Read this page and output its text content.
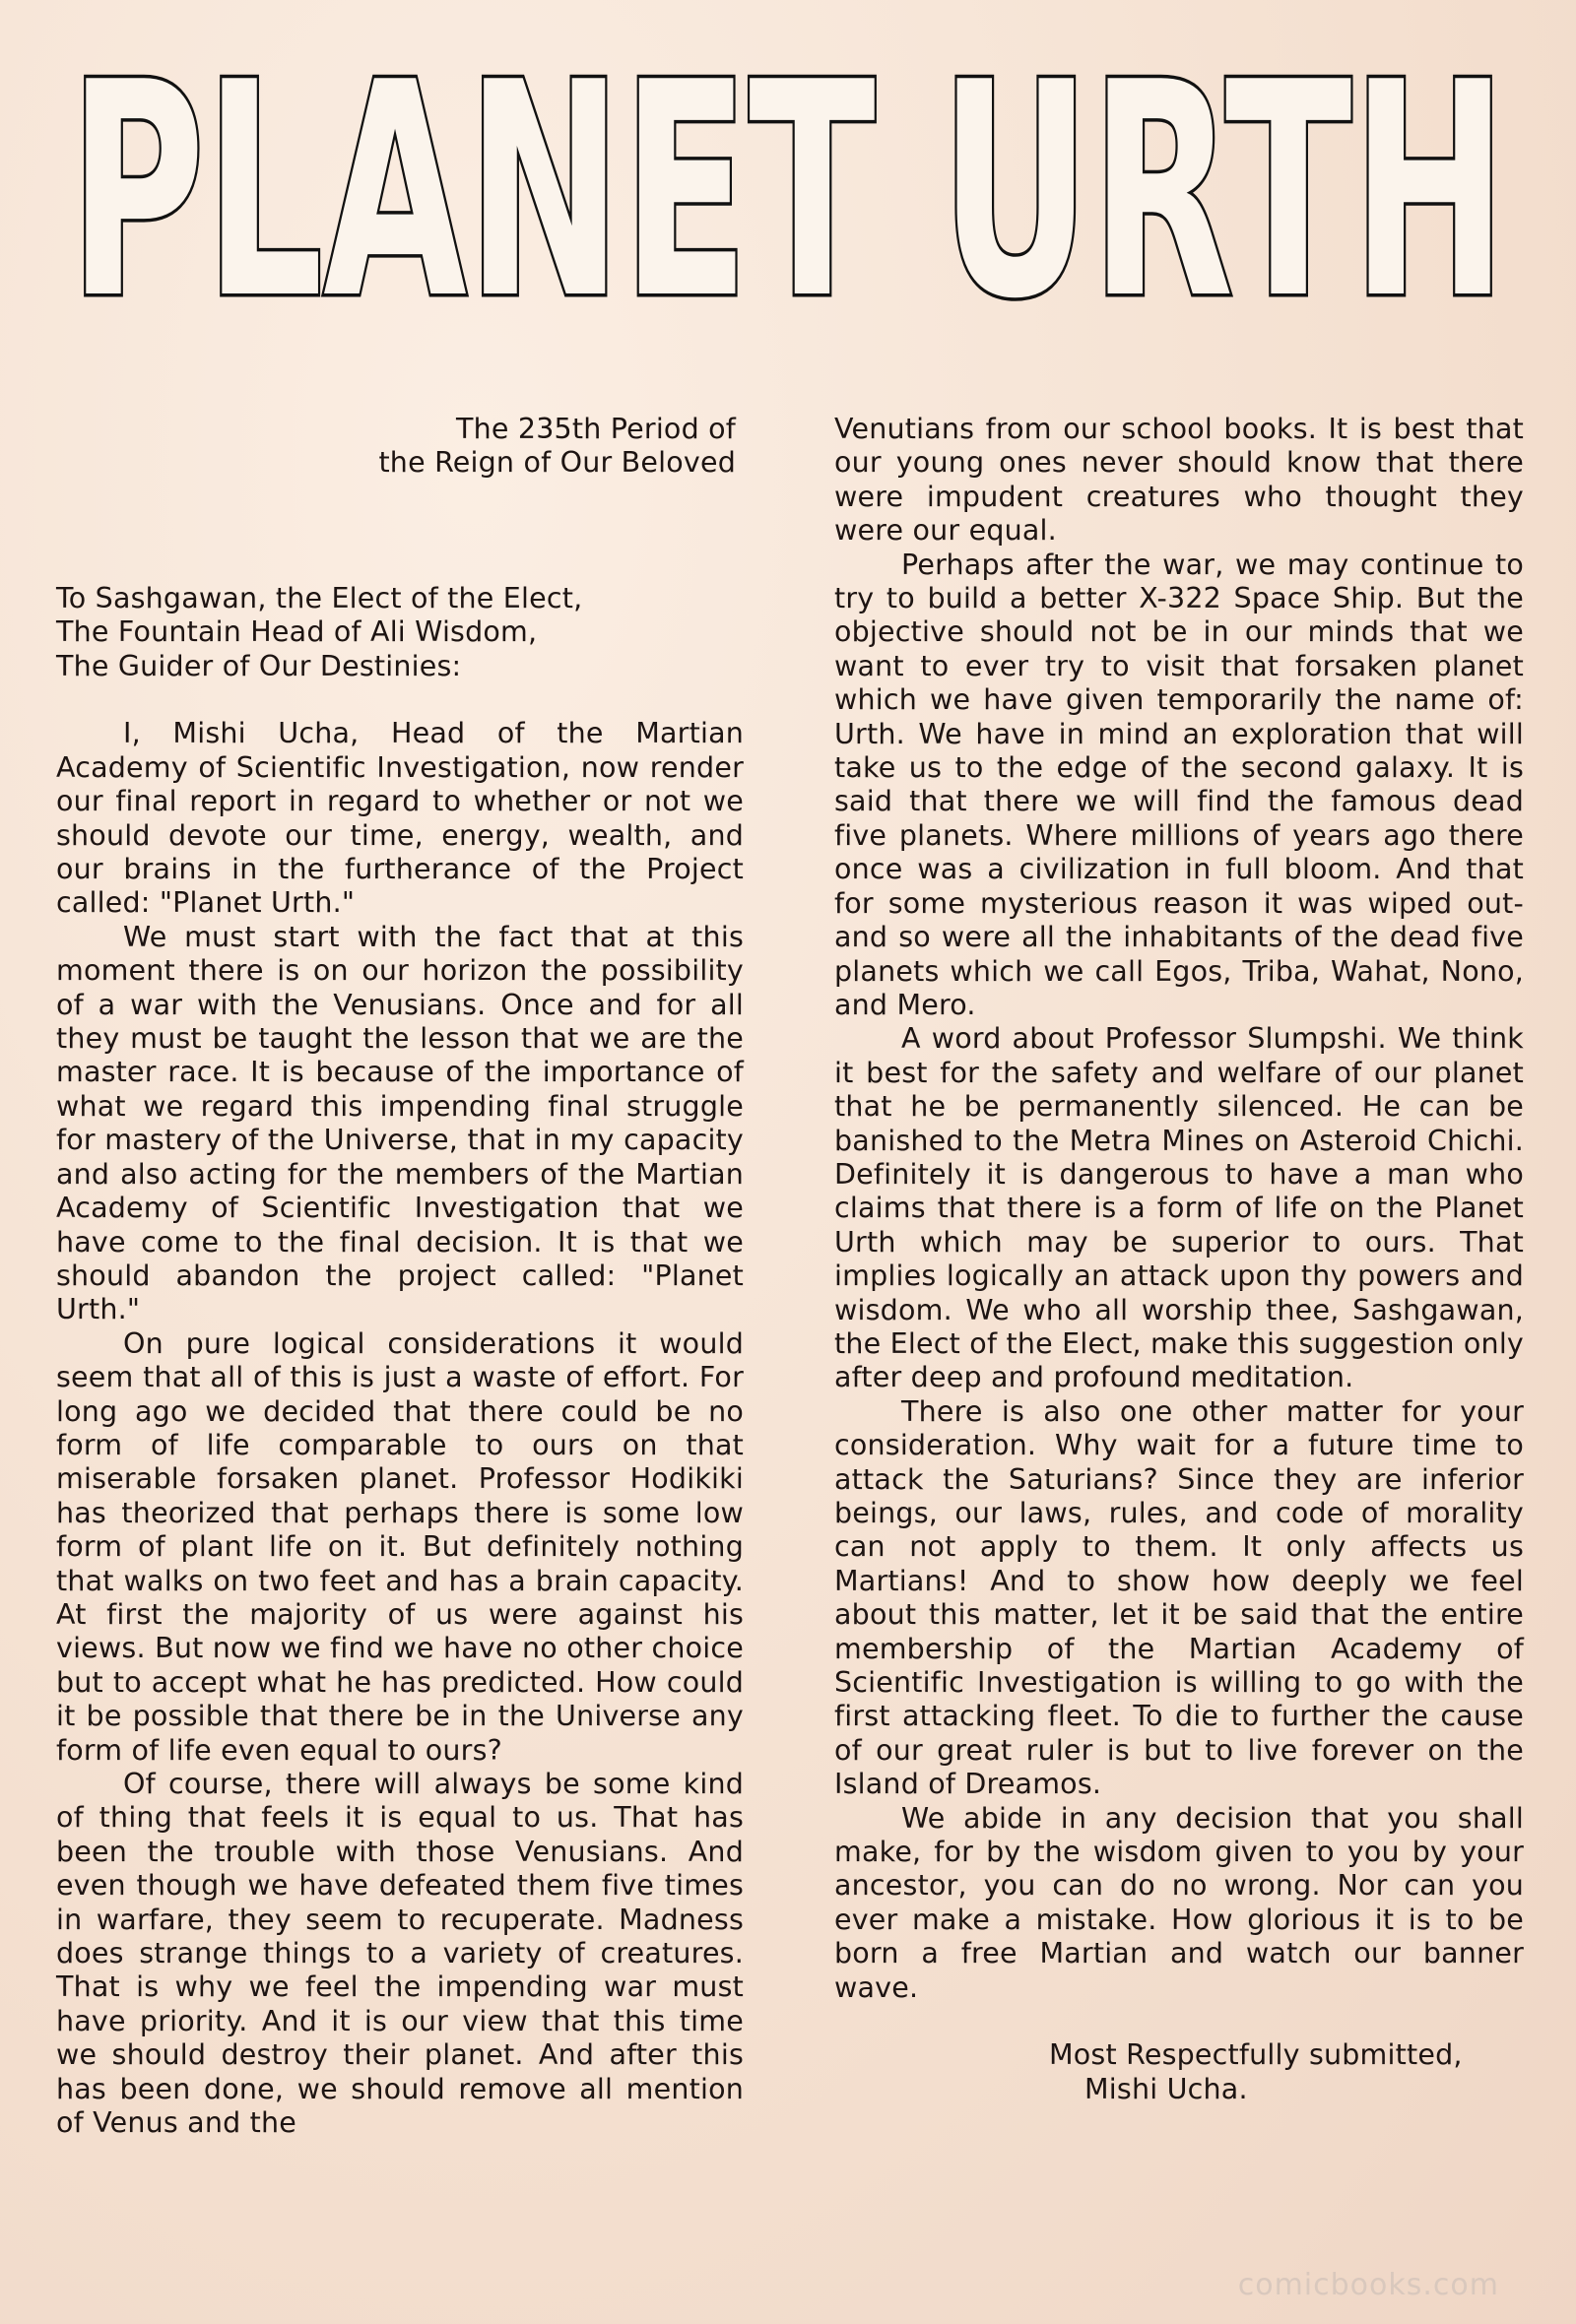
PLANET URTH
The 235th Period of
the Reign of Our Beloved
To Sashgawan, the Elect of the Elect,
The Fountain Head of Ali Wisdom,
The Guider of Our Destinies:

I, Mishi Ucha, Head of the Martian Academy of Scientific Investigation, now render our final report in regard to whether or not we should devote our time, energy, wealth, and our brains in the furtherance of the Project called: "Planet Urth."

We must start with the fact that at this moment there is on our horizon the possibility of a war with the Venusians. Once and for all they must be taught the lesson that we are the master race. It is because of the importance of what we regard this impending final struggle for mastery of the Universe, that in my capacity and also acting for the members of the Martian Academy of Scientific Investigation that we have come to the final decision. It is that we should abandon the project called: "Planet Urth."

On pure logical considerations it would seem that all of this is just a waste of effort. For long ago we decided that there could be no form of life comparable to ours on that miserable forsaken planet. Professor Hodikiki has theorized that perhaps there is some low form of plant life on it. But definitely nothing that walks on two feet and has a brain capacity. At first the majority of us were against his views. But now we find we have no other choice but to accept what he has predicted. How could it be possible that there be in the Universe any form of life even equal to ours?

Of course, there will always be some kind of thing that feels it is equal to us. That has been the trouble with those Venusians. And even though we have defeated them five times in warfare, they seem to recuperate. Madness does strange things to a variety of creatures. That is why we feel the impending war must have priority. And it is our view that this time we should destroy their planet. And after this has been done, we should remove all mention of Venus and the

Venutians from our school books. It is best that our young ones never should know that there were impudent creatures who thought they were our equal.

Perhaps after the war, we may continue to try to build a better X-322 Space Ship. But the objective should not be in our minds that we want to ever try to visit that forsaken planet which we have given temporarily the name of: Urth. We have in mind an exploration that will take us to the edge of the second galaxy. It is said that there we will find the famous dead five planets. Where millions of years ago there once was a civilization in full bloom. And that for some mysterious reason it was wiped out-and so were all the inhabitants of the dead five planets which we call Egos, Triba, Wahat, Nono, and Mero.

A word about Professor Slumpshi. We think it best for the safety and welfare of our planet that he be permanently silenced. He can be banished to the Metra Mines on Asteroid Chichi. Definitely it is dangerous to have a man who claims that there is a form of life on the Planet Urth which may be superior to ours. That implies logically an attack upon thy powers and wisdom. We who all worship thee, Sashgawan, the Elect of the Elect, make this suggestion only after deep and profound meditation.

There is also one other matter for your consideration. Why wait for a future time to attack the Saturians? Since they are inferior beings, our laws, rules, and code of morality can not apply to them. It only affects us Martians! And to show how deeply we feel about this matter, let it be said that the entire membership of the Martian Academy of Scientific Investigation is willing to go with the first attacking fleet. To die to further the cause of our great ruler is but to live forever on the Island of Dreamos.

We abide in any decision that you shall make, for by the wisdom given to you by your ancestor, you can do no wrong. Nor can you ever make a mistake. How glorious it is to be born a free Martian and watch our banner wave.

Most Respectfully submitted,
Mishi Ucha.
comicbooks.com
